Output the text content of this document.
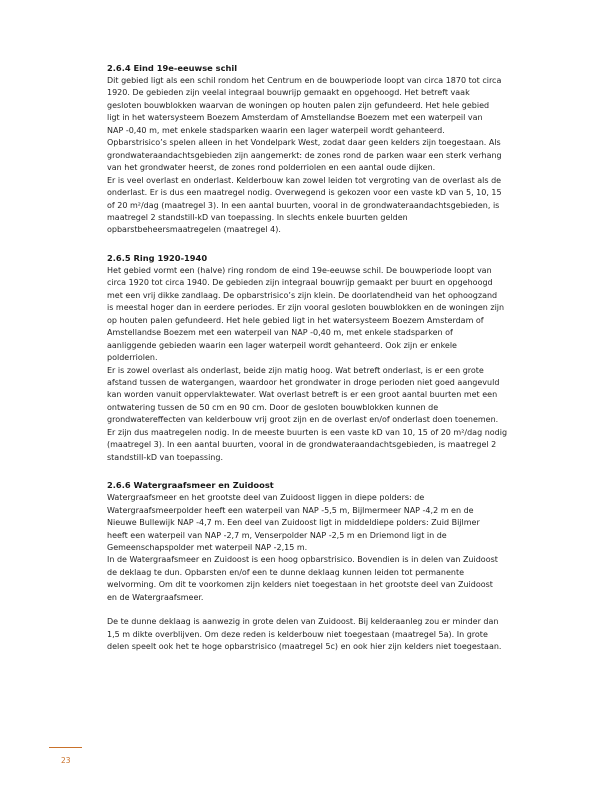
2.6.4 Eind 19e-eeuwse schil

Dit gebied ligt als een schil rondom het Centrum en de bouwperiode loopt van circa 1870 tot circa
1920. De gebieden zijn veelal integraal bouwrijp gemaakt en opgehoogd. Het betreft vaak
gesloten bouwblokken waarvan de woningen op houten palen zijn gefundeerd. Het hele gebied
ligt in het watersysteem Boezem Amsterdam of Amstellandse Boezem met een waterpeil van
NAP -0,40 m, met enkele stadsparken waarin een lager waterpeil wordt gehanteerd.
Opbarstrisico’s spelen alleen in het Vondelpark West, zodat daar geen kelders zijn toegestaan. Als
grondwateraandachtsgebieden zijn aangemerkt: de zones rond de parken waar een sterk verhang
van het grondwater heerst, de zones rond polderriolen en een aantal oude dijken.
Er is veel overlast en onderlast. Kelderbouw kan zowel leiden tot vergroting van de overlast als de
onderlast. Er is dus een maatregel nodig. Overwegend is gekozen voor een vaste kD van 5, 10, 15
of 20 m²/dag (maatregel 3). In een aantal buurten, vooral in de grondwateraandachtsgebieden, is
maatregel 2 standstill-kD van toepassing. In slechts enkele buurten gelden
opbarstbeheersmaatregelen (maatregel 4).

2.6.5 Ring 1920-1940

Het gebied vormt een (halve) ring rondom de eind 19e-eeuwse schil. De bouwperiode loopt van
circa 1920 tot circa 1940. De gebieden zijn integraal bouwrijp gemaakt per buurt en opgehoogd
met een vrij dikke zandlaag. De opbarstrisico’s zijn klein. De doorlatendheid van het ophoogzand
is meestal hoger dan in eerdere periodes. Er zijn vooral gesloten bouwblokken en de woningen zijn
op houten palen gefundeerd. Het hele gebied ligt in het watersysteem Boezem Amsterdam of
Amstellandse Boezem met een waterpeil van NAP -0,40 m, met enkele stadsparken of
aanliggende gebieden waarin een lager waterpeil wordt gehanteerd. Ook zijn er enkele
polderriolen.
Er is zowel overlast als onderlast, beide zijn matig hoog. Wat betreft onderlast, is er een grote
afstand tussen de watergangen, waardoor het grondwater in droge perioden niet goed aangevuld
kan worden vanuit oppervlaktewater. Wat overlast betreft is er een groot aantal buurten met een
ontwatering tussen de 50 cm en 90 cm. Door de gesloten bouwblokken kunnen de
grondwatereffecten van kelderbouw vrij groot zijn en de overlast en/of onderlast doen toenemen.
Er zijn dus maatregelen nodig. In de meeste buurten is een vaste kD van 10, 15 of 20 m²/dag nodig
(maatregel 3). In een aantal buurten, vooral in de grondwateraandachtsgebieden, is maatregel 2
standstill-kD van toepassing.

2.6.6 Watergraafsmeer en Zuidoost

Watergraafsmeer en het grootste deel van Zuidoost liggen in diepe polders: de
Watergraafsmeerpolder heeft een waterpeil van NAP -5,5 m, Bijlmermeer NAP -4,2 m en de
Nieuwe Bullewijk NAP -4,7 m. Een deel van Zuidoost ligt in middeldiepe polders: Zuid Bijlmer
heeft een waterpeil van NAP -2,7 m, Venserpolder NAP -2,5 m en Driemond ligt in de
Gemeenschapspolder met waterpeil NAP -2,15 m.
In de Watergraafsmeer en Zuidoost is een hoog opbarstrisico. Bovendien is in delen van Zuidoost
de deklaag te dun. Opbarsten en/of een te dunne deklaag kunnen leiden tot permanente
welvorming. Om dit te voorkomen zijn kelders niet toegestaan in het grootste deel van Zuidoost
en de Watergraafsmeer.

De te dunne deklaag is aanwezig in grote delen van Zuidoost. Bij kelderaanleg zou er minder dan
1,5 m dikte overblijven. Om deze reden is kelderbouw niet toegestaan (maatregel 5a). In grote
delen speelt ook het te hoge opbarstrisico (maatregel 5c) en ook hier zijn kelders niet toegestaan.

23
